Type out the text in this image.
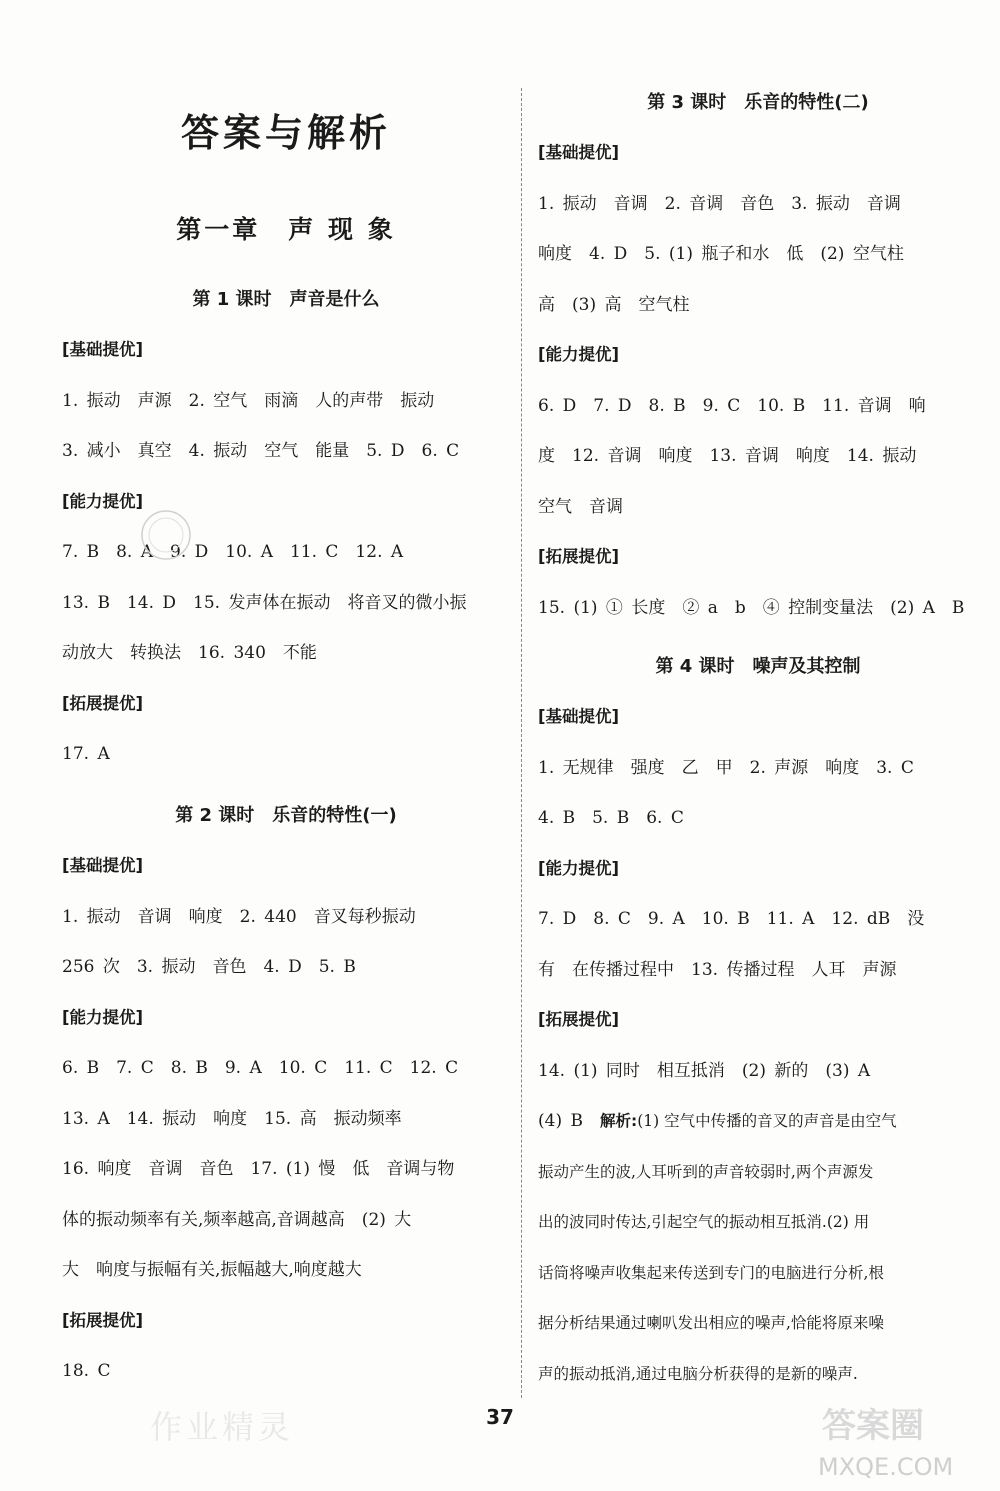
答案与解析
第一章　声 现 象
第 1 课时　声音是什么
[基础提优]

1. 振动　声源　2. 空气　雨滴　人的声带　振动

3. 减小　真空　4. 振动　空气　能量　5. D　6. C

[能力提优]

7. B　8. A　9. D　10. A　11. C　12. A

13. B　14. D　15. 发声体在振动　将音叉的微小振

动放大　转换法　16. 340　不能

[拓展提优]

17. A

第 2 课时　乐音的特性(一)
[基础提优]

1. 振动　音调　响度　2. 440　音叉每秒振动

256 次　3. 振动　音色　4. D　5. B

[能力提优]

6. B　7. C　8. B　9. A　10. C　11. C　12. C

13. A　14. 振动　响度　15. 高　振动频率

16. 响度　音调　音色　17. (1) 慢　低　音调与物

体的振动频率有关,频率越高,音调越高　(2) 大

大　响度与振幅有关,振幅越大,响度越大

[拓展提优]

18. C

第 3 课时　乐音的特性(二)
[基础提优]

1. 振动　音调　2. 音调　音色　3. 振动　音调

响度　4. D　5. (1) 瓶子和水　低　(2) 空气柱

高　(3) 高　空气柱

[能力提优]

6. D　7. D　8. B　9. C　10. B　11. 音调　响

度　12. 音调　响度　13. 音调　响度　14. 振动

空气　音调

[拓展提优]

15. (1) ① 长度　② a　b　④ 控制变量法　(2) A　B

第 4 课时　噪声及其控制
[基础提优]

1. 无规律　强度　乙　甲　2. 声源　响度　3. C

4. B　5. B　6. C

[能力提优]

7. D　8. C　9. A　10. B　11. A　12. dB　没

有　在传播过程中　13. 传播过程　人耳　声源

[拓展提优]

14. (1) 同时　相互抵消　(2) 新的　(3) A

(4) B　解析:(1) 空气中传播的音叉的声音是由空气

振动产生的波,人耳听到的声音较弱时,两个声源发

出的波同时传达,引起空气的振动相互抵消.(2) 用

话筒将噪声收集起来传送到专门的电脑进行分析,根

据分析结果通过喇叭发出相应的噪声,恰能将原来噪

声的振动抵消,通过电脑分析获得的是新的噪声.

37
作业精灵	答案圈
MXQE.COM
